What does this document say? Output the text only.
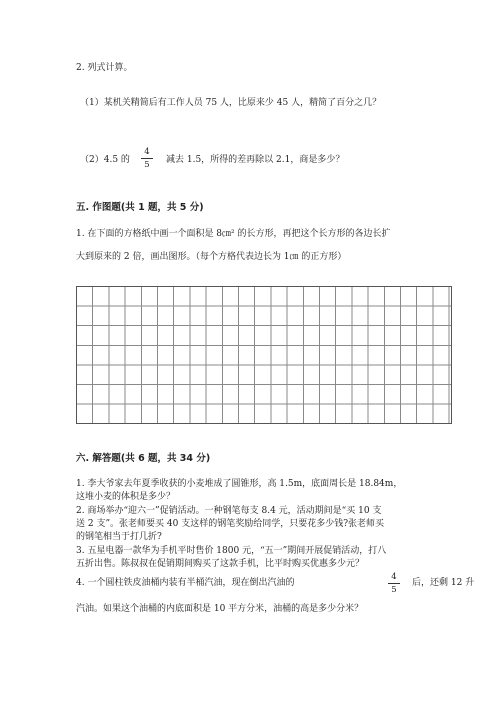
2. 列式计算。
（1）某机关精简后有工作人员 75 人，比原来少 45 人，精简了百分之几？
（2）4.5 的
4
5	减去 1.5，所得的差再除以 2.1，商是多少？
五. 作图题(共 1 题，共 5 分)
1. 在下面的方格纸中画一个面积是 8㎝² 的长方形，再把这个长方形的各边长扩
大到原来的 2 倍，画出图形。（每个方格代表边长为 1㎝ 的正方形）
六. 解答题(共 6 题，共 34 分)
1. 李大爷家去年夏季收获的小麦堆成了圆锥形，高 1.5m，底面周长是 18.84m，
这堆小麦的体积是多少？
2. 商场举办“迎六一”促销活动。一种钢笔每支 8.4 元，活动期间是“买 10 支
送 2 支”。张老师要买 40 支这样的钢笔奖励给同学，只要花多少钱?张老师买
的钢笔相当于打几折?
3. 五星电器一款华为手机平时售价 1800 元，“五一”期间开展促销活动，打八
五折出售。陈叔叔在促销期间购买了这款手机，比平时购买优惠多少元？
4. 一个圆柱铁皮油桶内装有半桶汽油，现在倒出汽油的
4
5
后，还剩 12 升
汽油。如果这个油桶的内底面积是 10 平方分米，油桶的高是多少分米？
